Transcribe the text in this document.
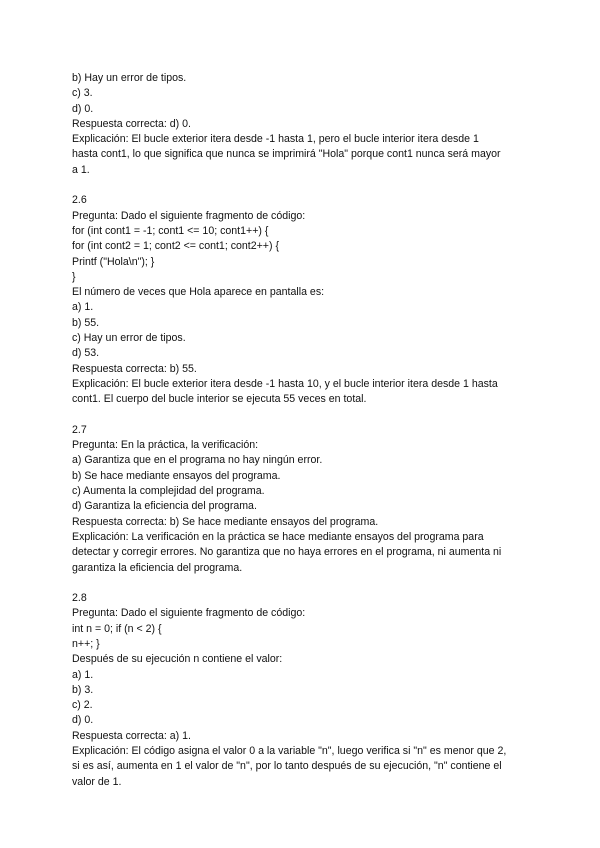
b) Hay un error de tipos.
c) 3.
d) 0.
Respuesta correcta: d) 0.
Explicación: El bucle exterior itera desde -1 hasta 1, pero el bucle interior itera desde 1
hasta cont1, lo que significa que nunca se imprimirá "Hola" porque cont1 nunca será mayor
a 1.
2.6
Pregunta: Dado el siguiente fragmento de código:
for (int cont1 = -1; cont1 <= 10; cont1++) {
for (int cont2 = 1; cont2 <= cont1; cont2++) {
Printf ("Hola\n"); }
}
El número de veces que Hola aparece en pantalla es:
a) 1.
b) 55.
c) Hay un error de tipos.
d) 53.
Respuesta correcta: b) 55.
Explicación: El bucle exterior itera desde -1 hasta 10, y el bucle interior itera desde 1 hasta
cont1. El cuerpo del bucle interior se ejecuta 55 veces en total.
2.7
Pregunta: En la práctica, la verificación:
a) Garantiza que en el programa no hay ningún error.
b) Se hace mediante ensayos del programa.
c) Aumenta la complejidad del programa.
d) Garantiza la eficiencia del programa.
Respuesta correcta: b) Se hace mediante ensayos del programa.
Explicación: La verificación en la práctica se hace mediante ensayos del programa para
detectar y corregir errores. No garantiza que no haya errores en el programa, ni aumenta ni
garantiza la eficiencia del programa.
2.8
Pregunta: Dado el siguiente fragmento de código:
int n = 0; if (n < 2) {
n++; }
Después de su ejecución n contiene el valor:
a) 1.
b) 3.
c) 2.
d) 0.
Respuesta correcta: a) 1.
Explicación: El código asigna el valor 0 a la variable "n", luego verifica si "n" es menor que 2,
si es así, aumenta en 1 el valor de "n", por lo tanto después de su ejecución, "n" contiene el
valor de 1.
